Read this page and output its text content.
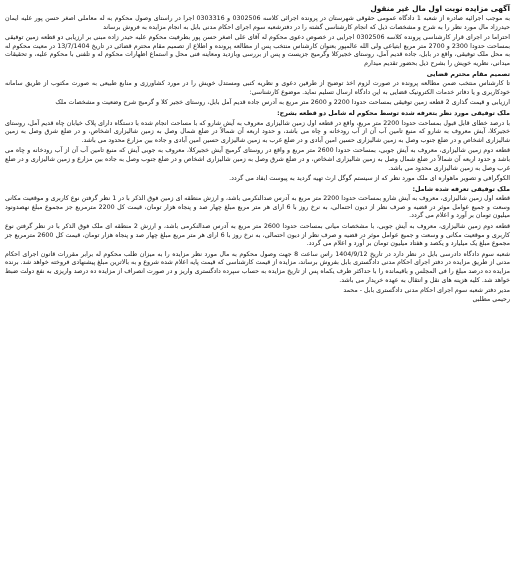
آگهی مزایده نوبت اول مال غیر منقول

به موجب اجرائیه صادره از شعبه 1 دادگاه عمومی حقوقی شهرستان در پرونده اجرائی کلاسه 0302506 و 0303316 اجرا در راستای وصول محکوم به له معاملی اصغر حسن پور علیه ایمان حیدرزاد مال مورد نظر را به شرح و مشخصات ذیل که انجام کارشناسی گشته را در دفترشعبه سوم اجرای احکام مدنی بابل به انجام مزایده به فروش برساند

احتراما در اجرای قرار کارشناسی پرونده کلاسه 0302506 اجرایی در خصوص دعوی محکوم له آقای علی اصغر حسن پور بطرفیت محکوم علیه حیدر زاده مبنی بر ارزیابی دو قطعه زمین توفیقی بمساحت حدودا 2300 و 2700 متر مربع ابتیاعی ولی الله عالمپور بعنوان کارشناس منتخب پس از مطالعه پرونده و اطلاع از تصمیم مقام محترم قضائی در تاریخ 13/7/1404 در معیت محکوم له به محل ملک توفیقی، واقع در بابل، جاده قدیم آمل، روستای خجیرکلا وگرمیج جزیست و پس از بررسی وبازدید ومعاینه فنی محل و استماع اظهارات محکوم له و تلفنی با محکوم علیه، و تحقیقات میدانی، نظریه خویش را بشرح ذیل بحضور تقدیم میدارم

تصمیم مقام محترم قضایی

تا کارشناس منتخب ضمن مطالعه پرونده در صورت لزوم اخذ توضیح از طرفین دعوی و نظریه کتبی ومستدل خویش را در مورد کشاورزی و منابع طبیعی به صورت مکتوب از طریق سامانه خودکاربری و یا دفاتر خدمات الکترونیک قضایی به این دادگاه ارسال تسلیم نماید. موضوع کارشناسی:

ارزیابی و قیمت گذاری 2 قطعه زمین توفیقی بمساحت حدودا 2200 و 2600 متر مربع به آدرس جاده قدیم آمل بابل، روستای خجیر کلا و گرمیج شرح وضعیت و مشخصات ملک

ملک توفیقی مورد نظر بتعرفه شده توسط محکوم له شامل دو قطعه بشرح:

با درصد خطای قابل قبول بمساحت حدودا 2200 متر مربع، واقع در قطعه اول زمین شالیزاری معروف به آیش شارو که با مساحت انجام شده با دستگاه دارای پلاک خیابان چاه قدیم آمل، روستای خجیرکلا، آیش معروف به شارو که منبع تامین آب آن از آب رودخانه و چاه می باشد، و حدود اربعه آن شمالاً در ضلع شمال وصل به زمین شالیزاری اشخاص، و در ضلع شرق وصل به زمین شالیزاری اشخاص و در ضلع جنوب وصل به زمین شالیزاری حسین امین آبادی و در ضلع غرب به زمین شالیزاری حسین امین آبادی و جاده بین مزارع محدود می باشد.

قطعه دوم زمین شالیزاری، معروف به آیش جوبی، بمساحت حدودا 2600 متر مربع و واقع در روستای گرمیج آیش خجیرکلا، معروف به جوبی آیش که منبع تامین آب آن از آب رودخانه و چاه می باشد و حدود اربعه آن شمالاً در ضلع شمال وصل به زمین شالیزاری اشخاص، و در ضلع شرق وصل به زمین شالیزاری اشخاص و در ضلع جنوب وصل به جاده بین مزارع و زمین شالیزاری و در ضلع غرب وصل به زمین شالیزاری محدود می باشد.

الکوگرافی و تصویر ماهواره ای ملک مورد نظر که از سیستم گوگل ارث تهیه گردید به پیوست ایفاد می گردد.

ملک توفیقی تعرفه شده شامل:

قطعه اول زمین شالیزاری، معروف به آیش شارو بمساحت حدودا 2200 متر مربع به آدرس صدالنکرمی باشد، و ارزش منطقه ای زمین فوق الذکر با در 1 نظر گرفتن نوع کاربری و موقعیت مکانی وسعت و جمیع عوامل موثر در قضیه و صرف نظر از دیون احتمالی، به نرخ روز با 6 ارای هر متر مربع مبلغ چهار صد و پنجاه هزار تومان، قیمت کل 2200 مترمربع جز مجموع مبلغ نهصدونود میلیون تومان بر آورد و اعلام می گردد.

قطعه دوم زمین شالیزاری، معروف به آیش جوبی، با مشخصات میانی بمساحت حدودا 2600 متر مربع به آدرس صدالنکرمی باشد، و ارزش 2 منطقه ای ملک فوق الذکر با در نظر گرفتن نوع کاربری و موقعیت مکانی و وسعت و جمیع عوامل موثر در قضیه و صرف نظر از دیون احتمالی، به نرخ روز با 6 ارای هر متر مربع مبلغ چهار صد و پنجاه هزار تومان، قیمت کل 2600 مترمربع جز مجموع مبلغ یک میلیارد و یکصد و هفتاد میلیون تومان بر آورد و اعلام می گردد.

شعبه سوم دادگاه دادرسی بابل در نظر دارد در تاریخ 1404/9/12 راس ساعت 8 جهت وصول محکوم به مال مورد نظر مزایده را به میزان طلب محکوم له برابر مقررات قانون اجرای احکام مدنی از طریق مزایده در دفتر اجرای احکام مدنی دادگستری بابل بفروش برساند، مزایده از قیمت کارشناسی که قیمت پایه اعلام شده شروع و به بالاترین مبلغ پیشنهادی فروخته خواهد شد. برنده مزایده ده درصد مبلغ را فی المجلس و باقیمانده را با حداکثر ظرف یکماه پس از تاریخ مزایده به حساب سپرده دادگستری واریز و در صورت انصراف از مزایده ده درصد واریزی به نفع دولت ضبط خواهد شد. کلیه هزینه های نقل و انتقال به عهده خریدار می باشد.

مدیر دفتر شعبه سوم اجرای احکام مدنی دادگستری بابل - محمد
رحیمی مطلبی
